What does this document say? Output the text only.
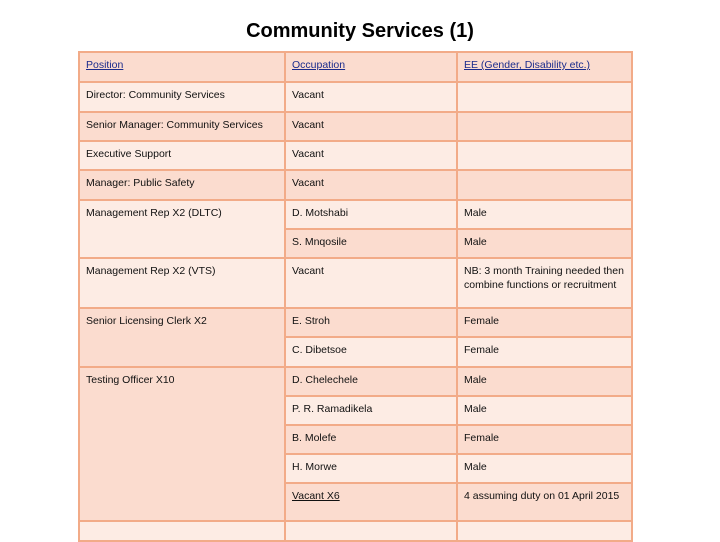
Community Services (1)
Position	Occupation	EE (Gender, Disability etc.)
Director: Community Services	Vacant	
Senior Manager: Community Services	Vacant	
Executive Support	Vacant	
Manager: Public Safety	Vacant	
Management Rep X2 (DLTC)	D. Motshabi	Male
	S. Mnqosile	Male
Management Rep X2 (VTS)	Vacant	NB: 3 month Training needed then combine functions or recruitment
Senior Licensing Clerk X2	E. Stroh	Female
	C. Dibetsoe	Female
Testing Officer X10	D. Chelechele	Male
	P. R. Ramadikela	Male
	B. Molefe	Female
	H. Morwe	Male
	Vacant X6	4 assuming duty on 01 April 2015
